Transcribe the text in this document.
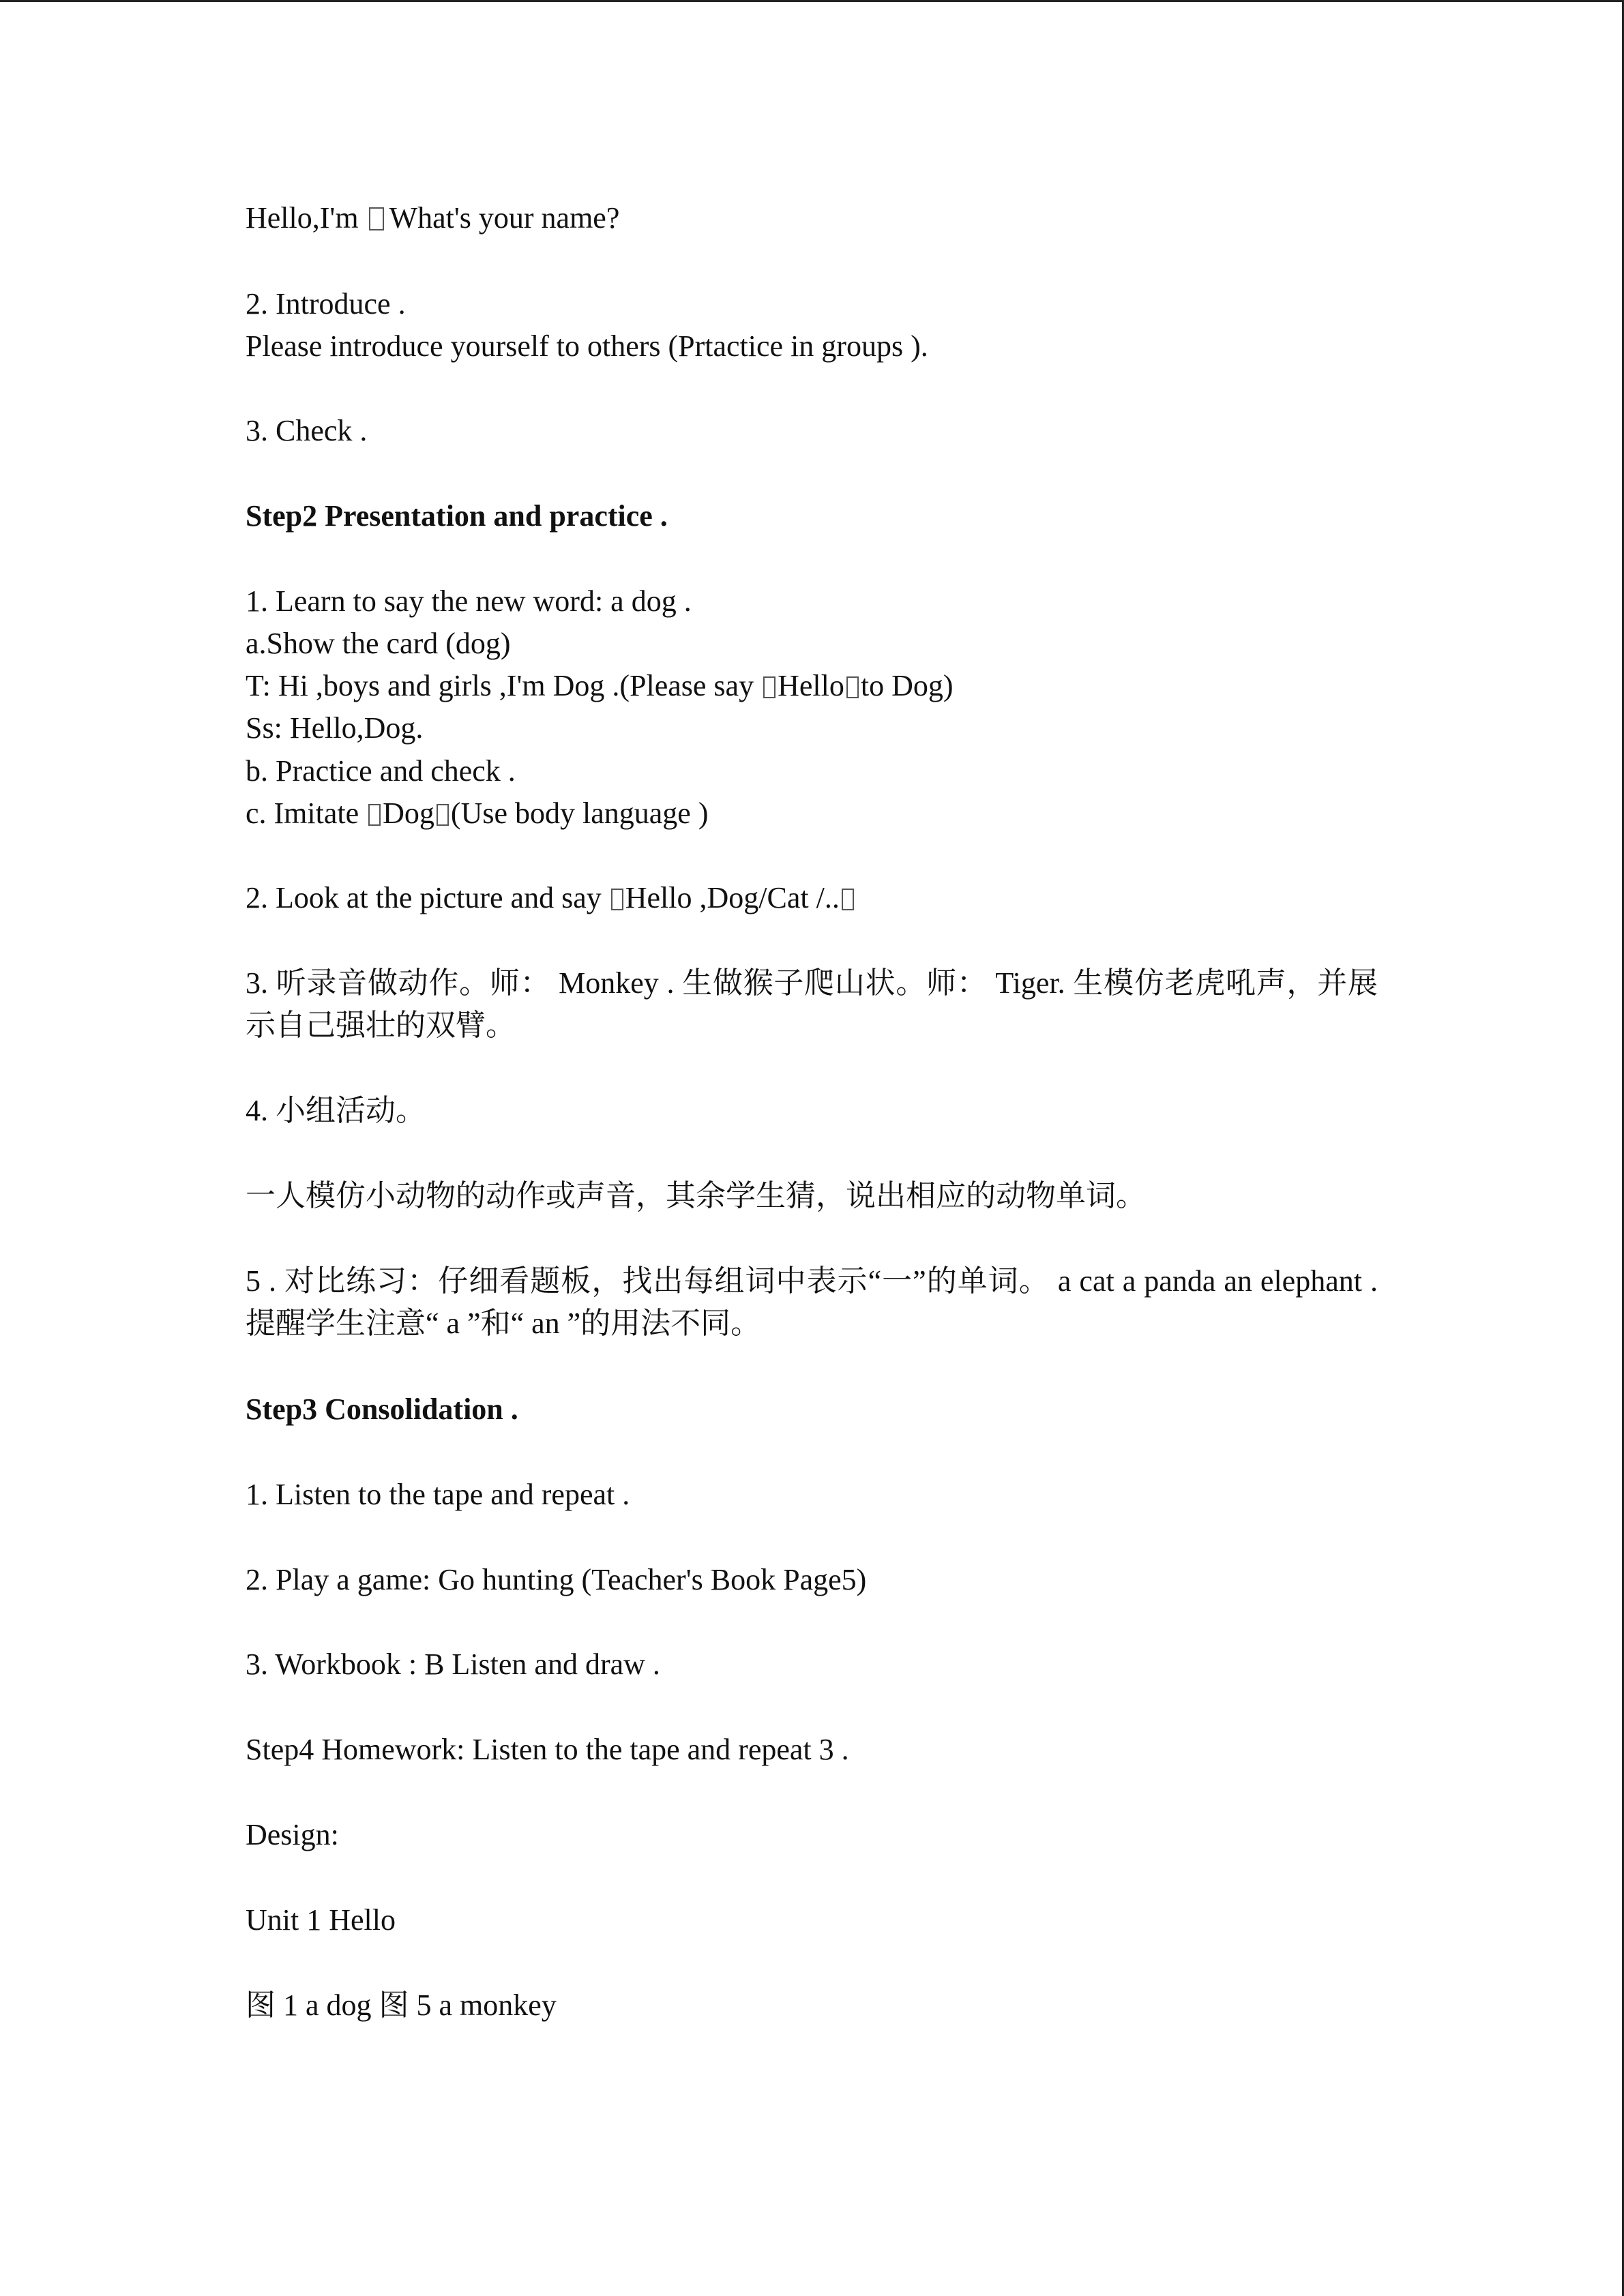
Hello,I'm What's your name?
2. Introduce .
Please introduce yourself to others (Prtactice in groups ).
3. Check .
Step2 Presentation and practice .
1. Learn to say the new word: a dog .
a.Show the card (dog)
T: Hi ,boys and girls ,I'm Dog .(Please say Hello to Dog)
Ss: Hello,Dog.
b. Practice and check .
c. Imitate Dog (Use body language )
2. Look at the picture and say Hello ,Dog/Cat /..
3. 听录音做动作。师： Monkey . 生做猴子爬山状。师： Tiger. 生模仿老虎吼声，并展示自己强壮的双臂。
4. 小组活动。
一人模仿小动物的动作或声音，其余学生猜，说出相应的动物单词。
5 . 对比练习：仔细看题板，找出每组词中表示“一”的单词。 a cat a panda an elephant . 提醒学生注意“ a ”和“ an ”的用法不同。
Step3 Consolidation .
1. Listen to the tape and repeat .
2. Play a game: Go hunting (Teacher's Book Page5)
3. Workbook : B Listen and draw .
Step4 Homework: Listen to the tape and repeat 3 .
Design:
Unit 1 Hello
图 1 a dog 图 5 a monkey
